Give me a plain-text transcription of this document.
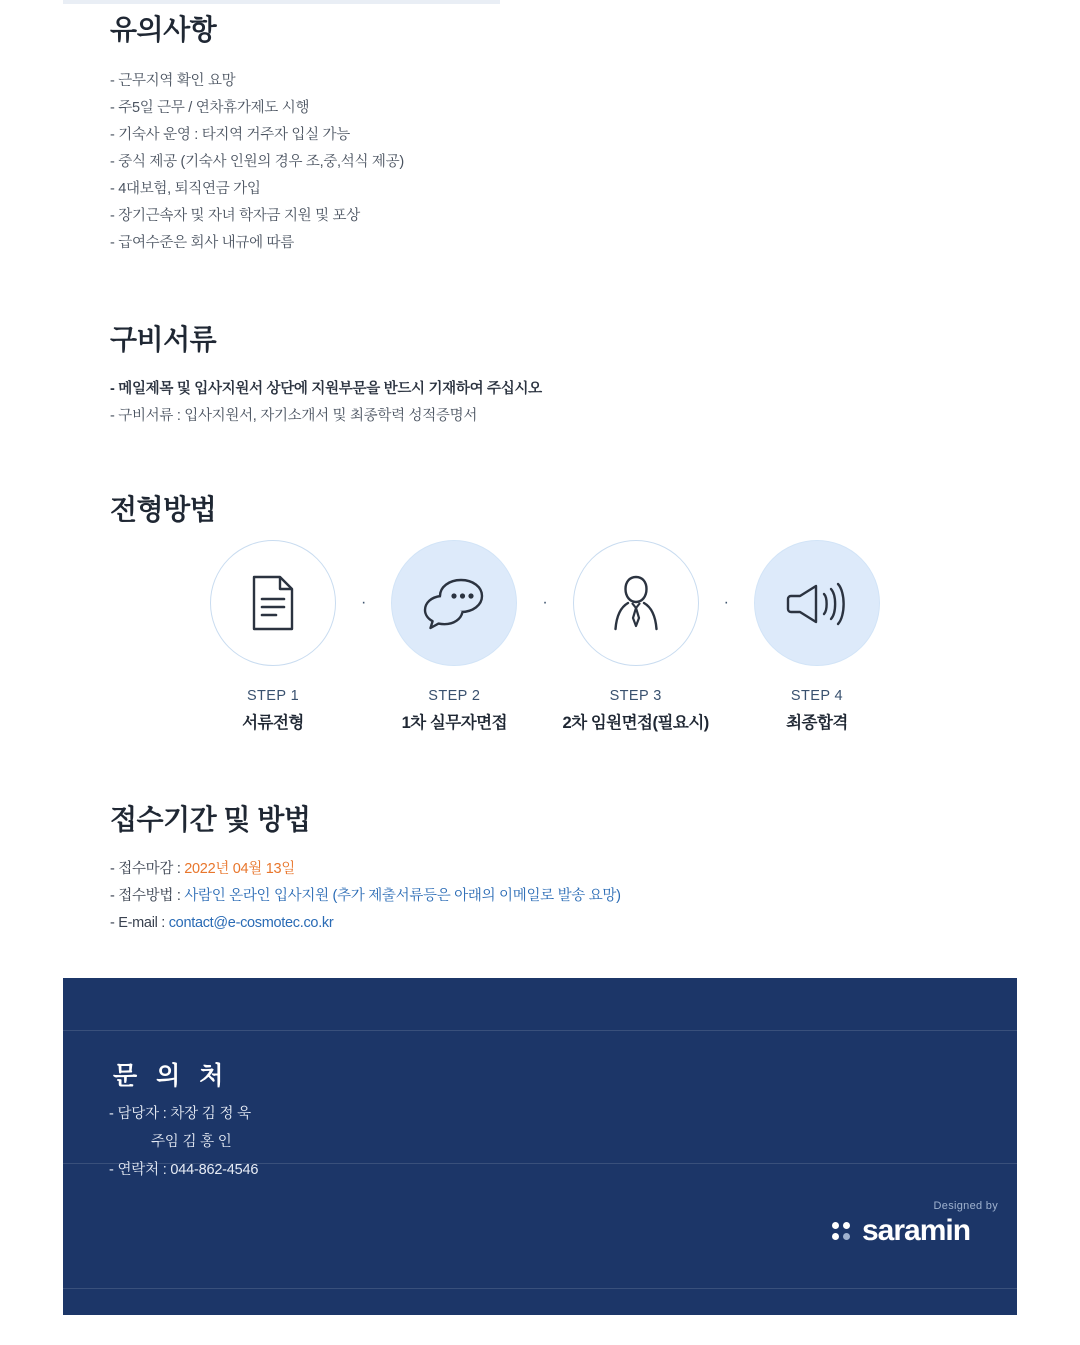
유의사항
- 근무지역 확인 요망
- 주5일 근무 / 연차휴가제도 시행
- 기숙사 운영 : 타지역 거주자 입실 가능
- 중식 제공 (기숙사 인원의 경우 조,중,석식 제공)
- 4대보험, 퇴직연금 가입
- 장기근속자 및 자녀 학자금 지원 및 포상
- 급여수준은 회사 내규에 따름
구비서류
- 메일제목 및 입사지원서 상단에 지원부문을 반드시 기재하여 주십시오
- 구비서류 : 입사지원서, 자기소개서 및 최종학력 성적증명서
전형방법
STEP 1
서류전형
·
STEP 2
1차 실무자면접
·
STEP 3
2차 임원면접(필요시)
·
STEP 4
최종합격
접수기간 및 방법
- 접수마감 : 2022년 04월 13일
- 접수방법 : 사람인 온라인 입사지원 (추가 제출서류등은 아래의 이메일로 발송 요망)
- E-mail : contact@e-cosmotec.co.kr
문 의 처
- 담당자 : 차장 김 정 욱
주임 김 홍 인
- 연락처 : 044-862-4546
Designed by
saramin
